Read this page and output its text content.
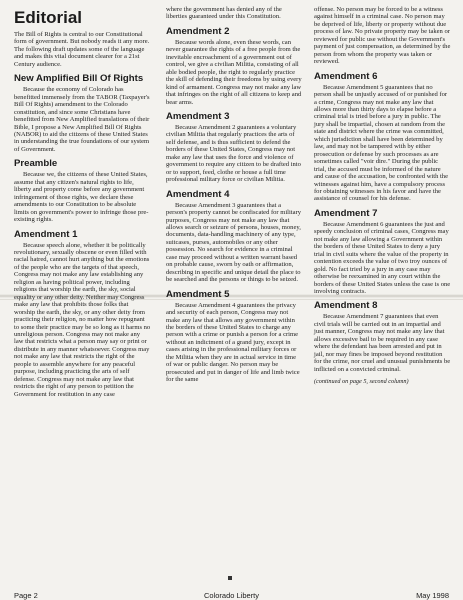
Editorial

The Bill of Rights is central to our Constitutional form of government. But nobody reads it any more. The following draft updates some of the language and makes this vital document clearer for a 21st Century audience.

New Amplified Bill Of Rights

Because the economy of Colorado has benefitted immensely from the TABOR (Taxpayer's Bill Of Rights) amendment to the Colorado constitution, and since some Christians have benefitted from New Amplified translations of their Bible, I propose a New Amplified Bill Of Rights (NABOR) to aid the citizens of these United States in understanding the true foundations of our system of Government.

Preamble

Because we, the citizens of these United States, assume that any citizen's natural rights to life, liberty and property come before any government infringement of those rights, we declare these amendments to our Constitution to be absolute limits on government's power to infringe those pre-existing rights.

Amendment 1

Because speech alone, whether it be politically revolutionary, sexually obscene or even filled with racial hatred, cannot hurt anything but the emotions of the people who are the targets of that speech, Congress may not make any law establishing any religion as having political power, including religions that worship the earth, the sky, social equality or any other deity. Neither may Congress make any law that prohibits those folks that worship the earth, the sky, or any other deity from practicing their religion, no matter how repugnant to some their practice may be so long as it harms no unreligious person. Congress may not make any law that restricts what a person may say or print or distribute in any manner whatsoever. Congress may not make any law that restricts the right of the people to assemble anywhere for any peaceful purpose, including practicing the arts of self defense. Congress may not make any law that restricts the right of any person to petition the Government for restitution in any case

where the government has denied any of the liberties guaranteed under this Constitution.

Amendment 2

Because words alone, even these words, can never guarantee the rights of a free people from the inevitable encroachment of a government out of control, we give a civilian Militia, consisting of all able bodied people, the right to regularly practice the skill of defending their freedoms by using every kind of armament. Congress may not make any law that infringes on the right of all citizens to keep and bear arms.

Amendment 3

Because Amendment 2 guarantees a voluntary civilian Militia that regularly practices the arts of self defense, and is thus sufficient to defend the borders of these United States, Congress may not make any law that uses the force and violence of government to require any citizen to be drafted into or to support, feed, clothe or house a full time professional military force or civilian Militia.

Amendment 4

Because Amendment 3 guarantees that a person's property cannot be confiscated for military purposes, Congress may not make any law that allows search or seizure of persons, houses, money, documents, data-handling machinery of any type, suitcases, purses, automobiles or any other possession. No search for evidence in a criminal case may proceed without a written warrant based on probable cause, sworn by oath or affirmation, describing in specific and unique detail the place to be searched and the persons or things to be seized.

Amendment 5

Because Amendment 4 guarantees the privacy and security of each person, Congress may not make any law that allows any government within the borders of these United States to charge any person with a crime or punish a person for a crime without an indictment of a grand jury, except in cases arising in the professional military forces or the Militia when they are in actual service in time of war or public danger. No person may be prosecuted and put in danger of life and limb twice for the same

offense. No person may be forced to be a witness against himself in a criminal case. No person may be deprived of life, liberty or property without due process of law. No private property may be taken or reviewed for public use without the Government's payment of just compensation, as determined by the person from whom the property was taken or reviewed.

Amendment 6

Because Amendment 5 guarantees that no person shall be unjustly accused of or punished for a crime, Congress may not make any law that allows more than thirty days to elapse before a criminal trial is tried before a jury in public. The jury shall be impartial, chosen at random from the state and district where the crime was committed, which jurisdiction shall have been determined by law, and may not be tampered with by either prosecution or defense by such processes as are sometimes called "voir dire." During the public trial, the accused must be informed of the nature and cause of the accusation, be confronted with the witnesses against him, have a compulsory process for obtaining witnesses in his favor and have the assistance of counsel for his defense.

Amendment 7

Because Amendment 6 guarantees the just and speedy conclusion of criminal cases, Congress may not make any law allowing a Government within the borders of these United States to deny a jury trial in civil suits where the value of the property in contention exceeds the value of two troy ounces of gold. No fact tried by a jury in any case may otherwise be reexamined in any court within the borders of these United States unless the case is one involving contracts.

Amendment 8

Because Amendment 7 guarantees that even civil trials will be carried out in an impartial and just manner, Congress may not make any law that allows excessive bail to be required in any case where the defendant has been arrested and put in jail, nor may fines be imposed beyond restitution for the crime, nor cruel and unusual punishments be inflicted on a convicted criminal.

(continued on page 5, second column)

Page 2	Colorado Liberty	May 1998
